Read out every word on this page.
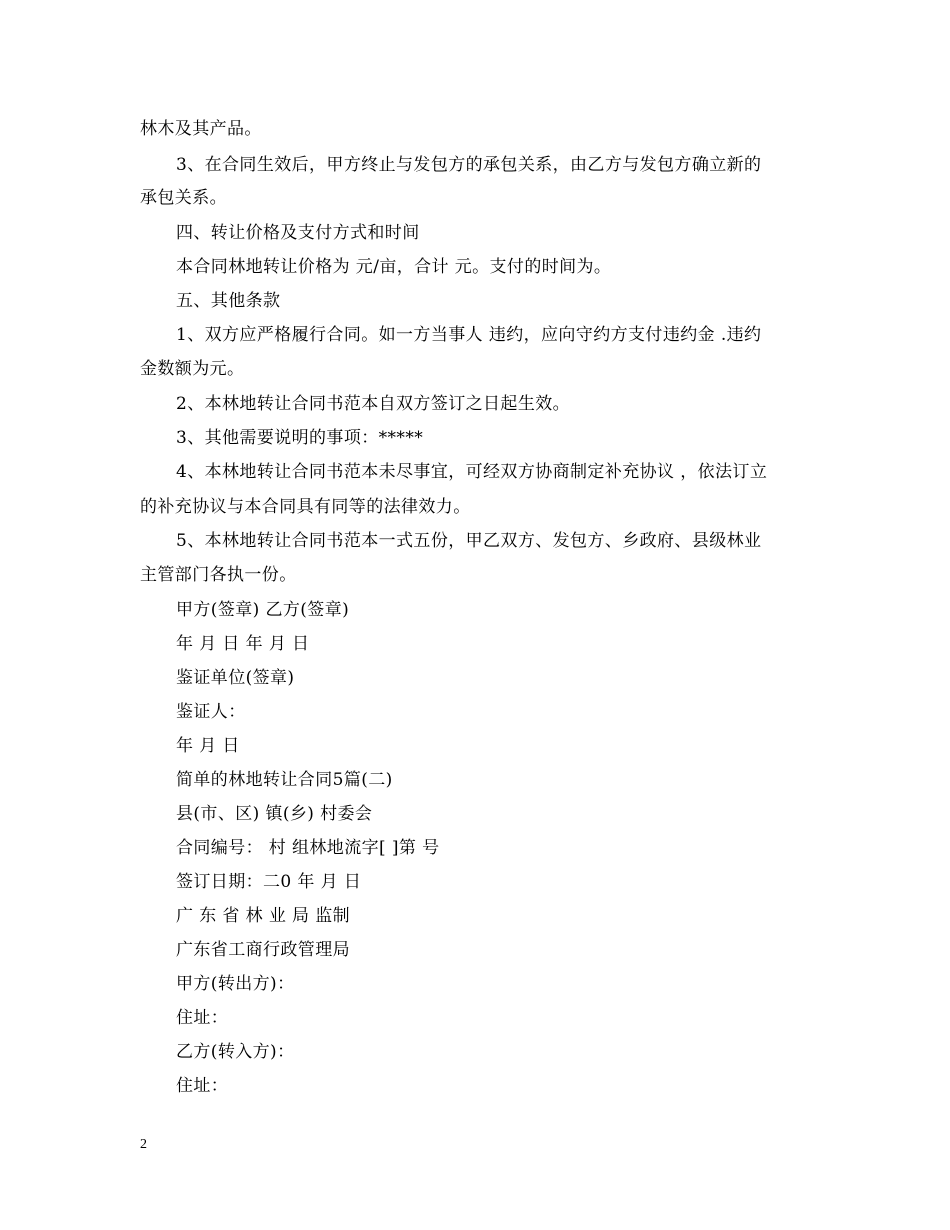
林木及其产品。
3、在合同生效后，甲方终止与发包方的承包关系，由乙方与发包方确立新的
承包关系。
四、转让价格及支付方式和时间
本合同林地转让价格为 元/亩，合计 元。支付的时间为。
五、其他条款
1、双方应严格履行合同。如一方当事人 违约，应向守约方支付违约金 .违约
金数额为元。
2、本林地转让合同书范本自双方签订之日起生效。
3、其他需要说明的事项：*****
4、本林地转让合同书范本未尽事宜，可经双方协商制定补充协议 ，依法订立
的补充协议与本合同具有同等的法律效力。
5、本林地转让合同书范本一式五份，甲乙双方、发包方、乡政府、县级林业
主管部门各执一份。
甲方(签章) 乙方(签章)
年 月 日 年 月 日
鉴证单位(签章)
鉴证人：
年 月 日
简单的林地转让合同5篇(二)
县(市、区) 镇(乡) 村委会
合同编号： 村 组林地流字[ ]第 号
签订日期：二0 年 月 日
广 东 省 林 业 局 监制
广东省工商行政管理局
甲方(转出方)：
住址：
乙方(转入方)：
住址：
2
